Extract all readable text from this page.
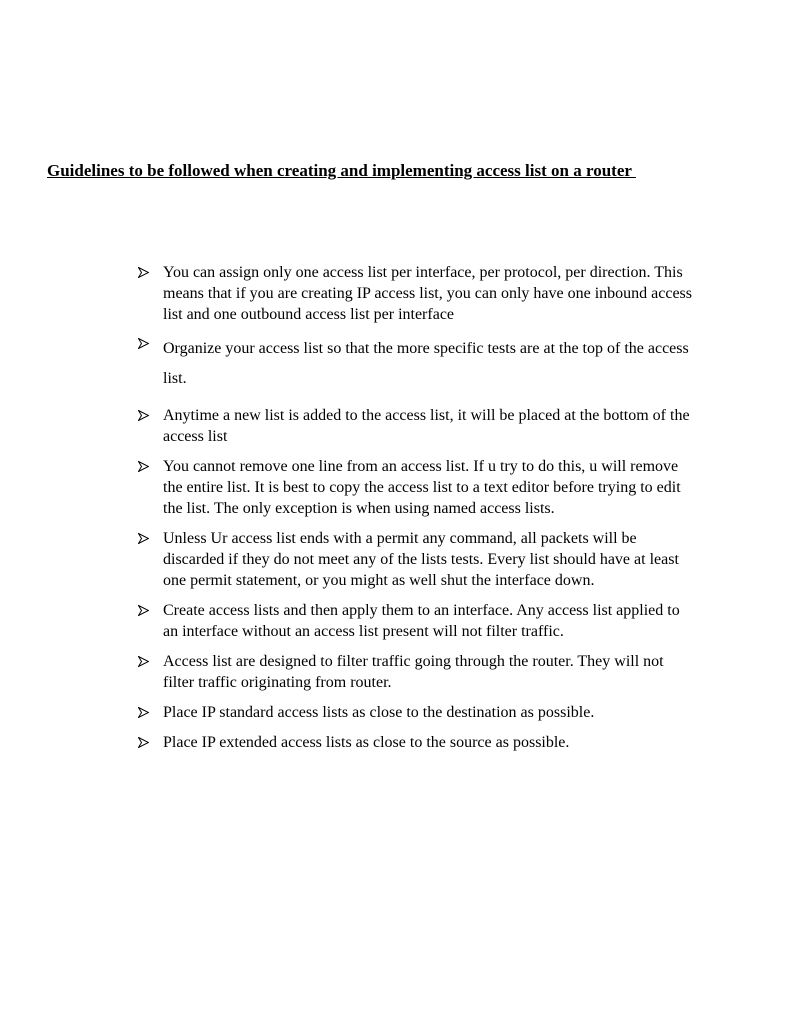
Guidelines to be followed when creating and implementing access list on a router
You can assign only one access list per interface, per protocol, per direction. This means that if you are creating IP access list, you can only have one inbound access list and one outbound access list per interface
Organize your access list so that the more specific tests are at the top of the access list.
Anytime a new list is added to the access list, it will be placed at the bottom of the access list
You cannot remove one line from an access list. If u try to do this, u will remove the entire list. It is best to copy the access list to a text editor before trying to edit the list. The only exception is when using named access lists.
Unless Ur access list ends with a permit any command, all packets will be discarded if they do not meet any of the lists tests. Every list should have at least one permit statement, or you might as well shut the interface down.
Create access lists and then apply them to an interface. Any access list applied to an interface without an access list present will not filter traffic.
Access list are designed to filter traffic going through the router. They will not filter traffic originating from router.
Place IP standard access lists as close to the destination as possible.
Place IP extended access lists as close to the source as possible.
